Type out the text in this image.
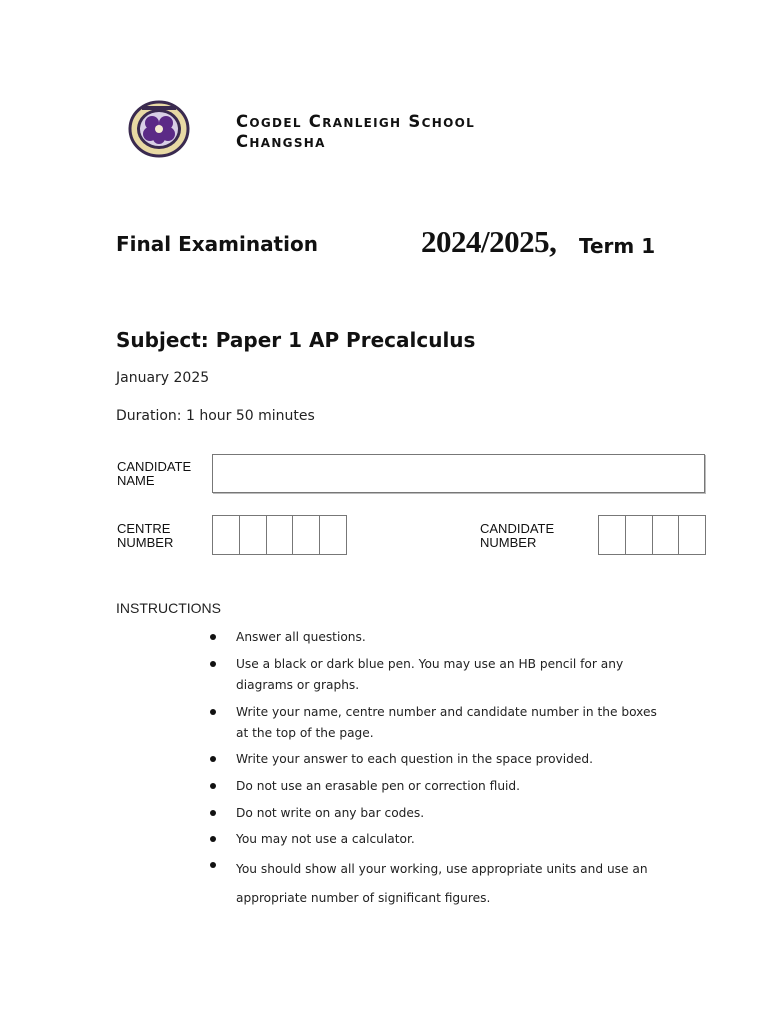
Cogdel Cranleigh School
Changsha
Final Examination	2024/2025, Term 1
Subject: Paper 1 AP Precalculus
January 2025
Duration: 1 hour 50 minutes
CANDIDATE
NAME
CENTRE
NUMBER
CANDIDATE
NUMBER
INSTRUCTIONS
Answer all questions.
Use a black or dark blue pen. You may use an HB pencil for any diagrams or graphs.
Write your name, centre number and candidate number in the boxes at the top of the page.
Write your answer to each question in the space provided.
Do not use an erasable pen or correction fluid.
Do not write on any bar codes.
You may not use a calculator.
You should show all your working, use appropriate units and use an appropriate number of significant figures.
